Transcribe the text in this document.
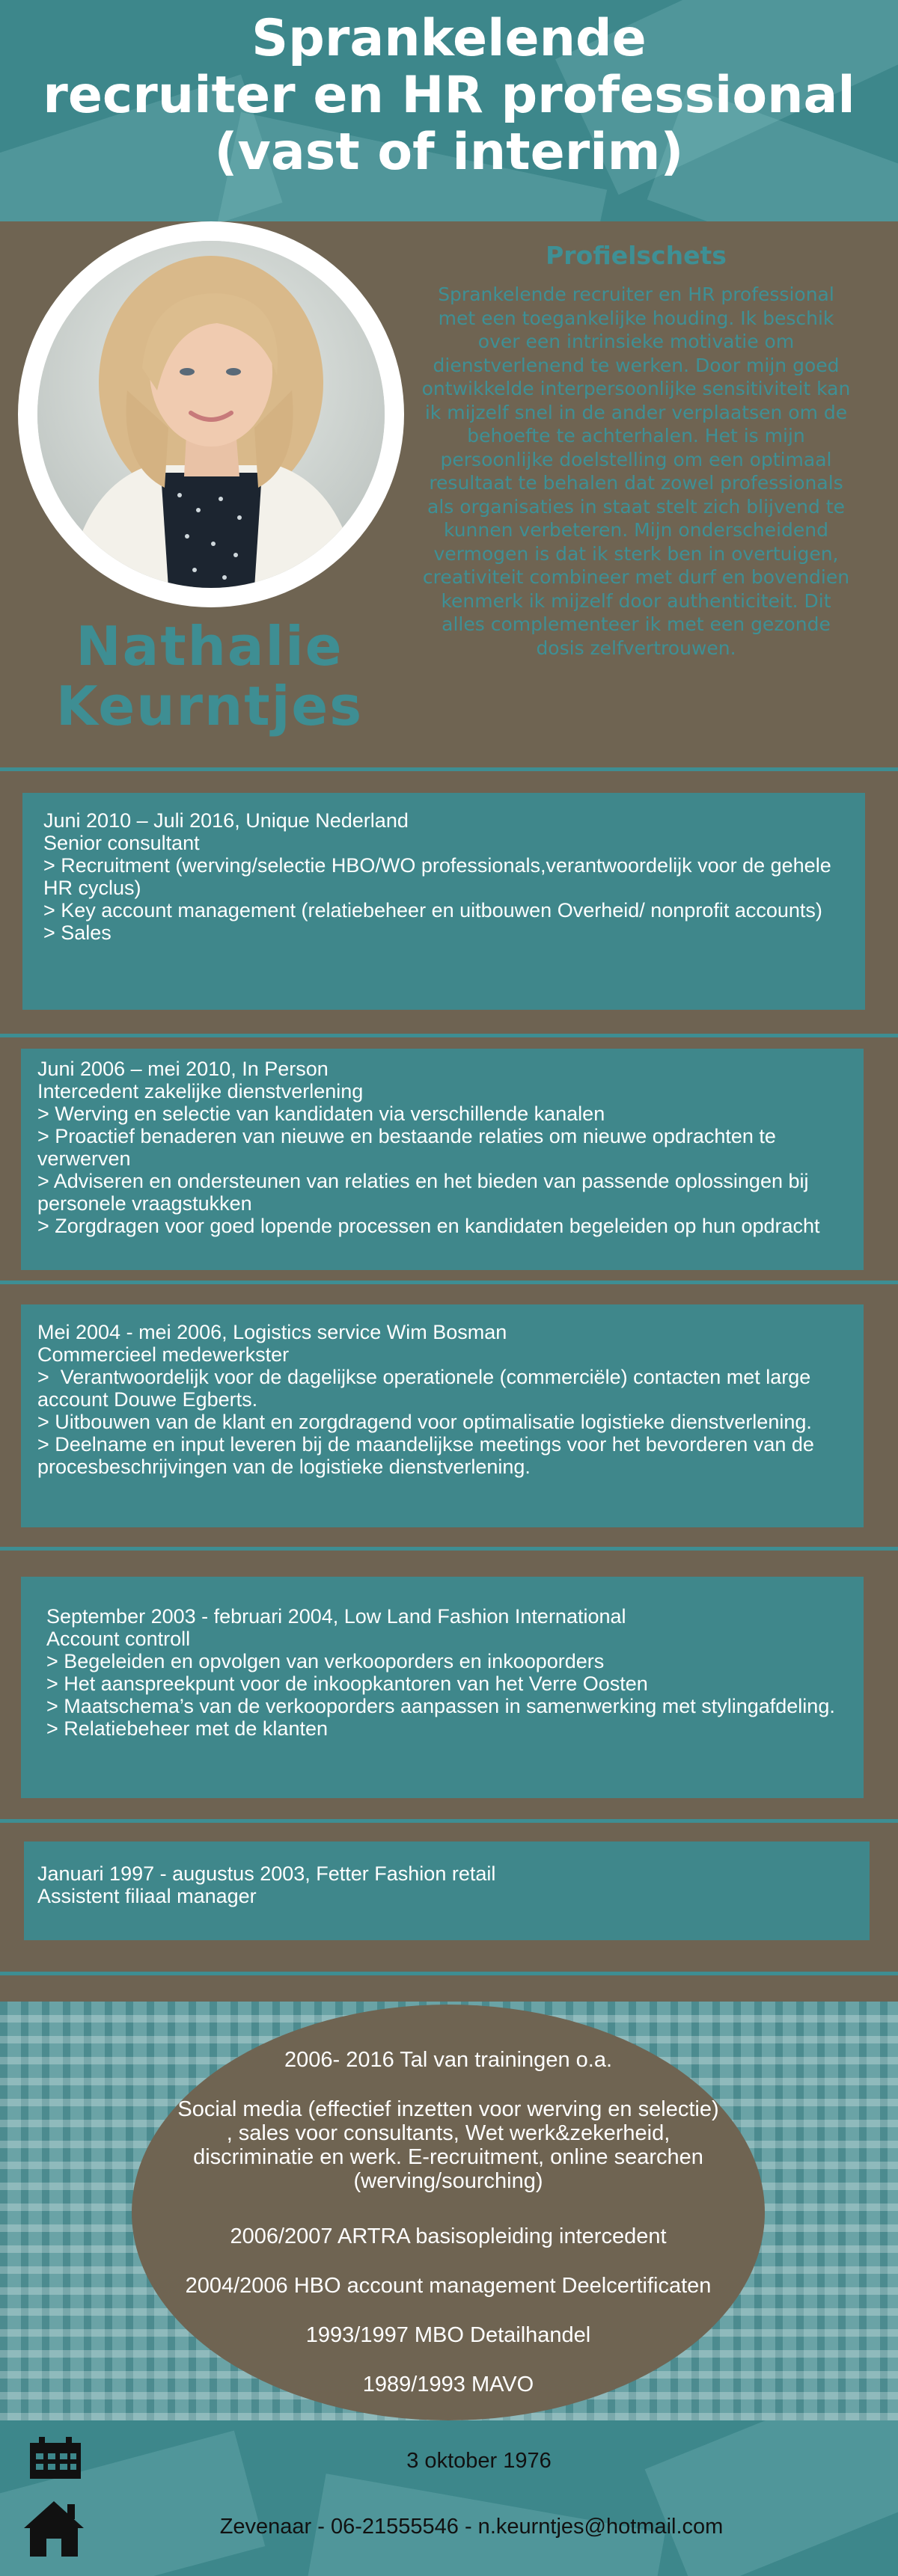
Sprankelende
recruiter en HR professional
(vast of interim)
Nathalie
Keurntjes
Profielschets
Sprankelende recruiter en HR professional met een toegankelijke houding. Ik beschik over een intrinsieke motivatie om dienstverlenend te werken. Door mijn goed ontwikkelde interpersoonlijke sensitiviteit kan ik mijzelf snel in de ander verplaatsen om de behoefte te achterhalen. Het is mijn persoonlijke doelstelling om een optimaal resultaat te behalen dat zowel professionals als organisaties in staat stelt zich blijvend te kunnen verbeteren. Mijn onderscheidend vermogen is dat ik sterk ben in overtuigen, creativiteit combineer met durf en bovendien kenmerk ik mijzelf door authenticiteit. Dit alles complementeer ik met een gezonde dosis zelfvertrouwen.
Juni 2010 – Juli 2016, Unique Nederland
Senior consultant
> Recruitment (werving/selectie HBO/WO professionals,verantwoordelijk voor de gehele HR cyclus)
> Key account management (relatiebeheer en uitbouwen Overheid/ nonprofit accounts)
> Sales
Juni 2006 – mei 2010, In Person
Intercedent zakelijke dienstverlening
> Werving en selectie van kandidaten via verschillende kanalen
> Proactief benaderen van nieuwe en bestaande relaties om nieuwe opdrachten te verwerven
> Adviseren en ondersteunen van relaties en het bieden van passende oplossingen bij personele vraagstukken
> Zorgdragen voor goed lopende processen en kandidaten begeleiden op hun opdracht
Mei 2004 - mei 2006, Logistics service Wim Bosman
Commercieel medewerkster
>  Verantwoordelijk voor de dagelijkse operationele (commerciële) contacten met large account Douwe Egberts.
> Uitbouwen van de klant en zorgdragend voor optimalisatie logistieke dienstverlening.
> Deelname en input leveren bij de maandelijkse meetings voor het bevorderen van de procesbeschrijvingen van de logistieke dienstverlening.
September 2003 - februari 2004, Low Land Fashion International
Account controll
> Begeleiden en opvolgen van verkooporders en inkooporders
> Het aanspreekpunt voor de inkoopkantoren van het Verre Oosten
> Maatschema’s van de verkooporders aanpassen in samenwerking met stylingafdeling.
> Relatiebeheer met de klanten
Januari 1997 - augustus 2003, Fetter Fashion retail
Assistent filiaal manager
2006- 2016 Tal van trainingen o.a.
Social media (effectief inzetten voor werving en selectie) , sales voor consultants, Wet werk&zekerheid, discriminatie en werk. E-recruitment, online searchen (werving/sourching)
2006/2007 ARTRA basisopleiding intercedent
2004/2006 HBO account management Deelcertificaten
1993/1997 MBO Detailhandel
1989/1993 MAVO
3 oktober 1976
Zevenaar - 06-21555546 - n.keurntjes@hotmail.com
